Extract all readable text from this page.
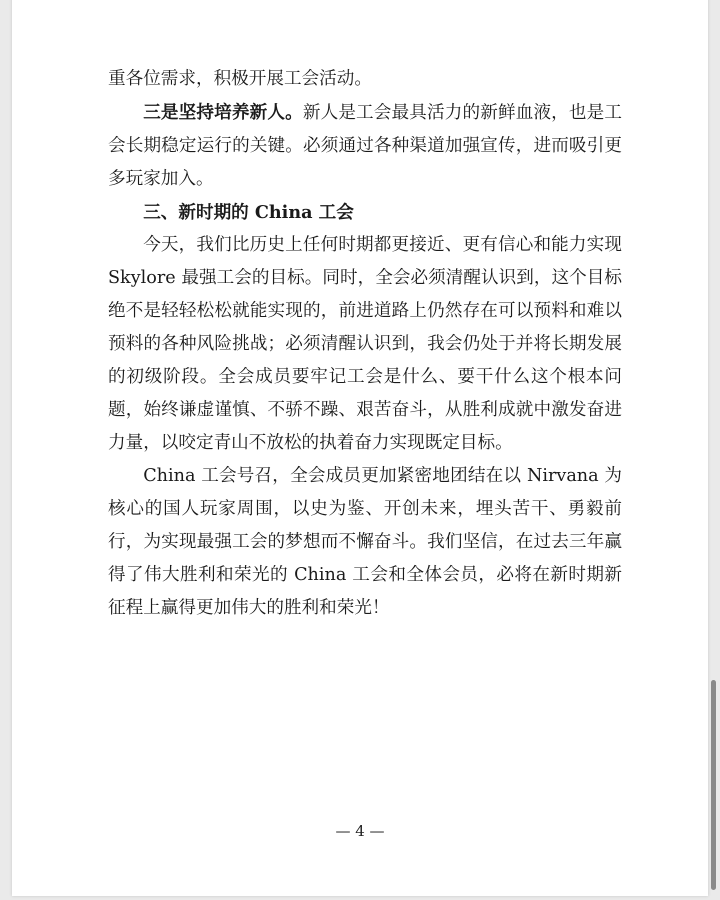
重各位需求，积极开展工会活动。

三是坚持培养新人。新人是工会最具活力的新鲜血液，也是工会长期稳定运行的关键。必须通过各种渠道加强宣传，进而吸引更多玩家加入。

三、新时期的 China 工会

今天，我们比历史上任何时期都更接近、更有信心和能力实现 Skylore 最强工会的目标。同时，全会必须清醒认识到，这个目标绝不是轻轻松松就能实现的，前进道路上仍然存在可以预料和难以预料的各种风险挑战；必须清醒认识到，我会仍处于并将长期发展的初级阶段。全会成员要牢记工会是什么、要干什么这个根本问题，始终谦虚谨慎、不骄不躁、艰苦奋斗，从胜利成就中激发奋进力量，以咬定青山不放松的执着奋力实现既定目标。

China 工会号召，全会成员更加紧密地团结在以 Nirvana 为核心的国人玩家周围，以史为鉴、开创未来，埋头苦干、勇毅前行，为实现最强工会的梦想而不懈奋斗。我们坚信，在过去三年赢得了伟大胜利和荣光的 China 工会和全体会员，必将在新时期新征程上赢得更加伟大的胜利和荣光！

— 4 —
